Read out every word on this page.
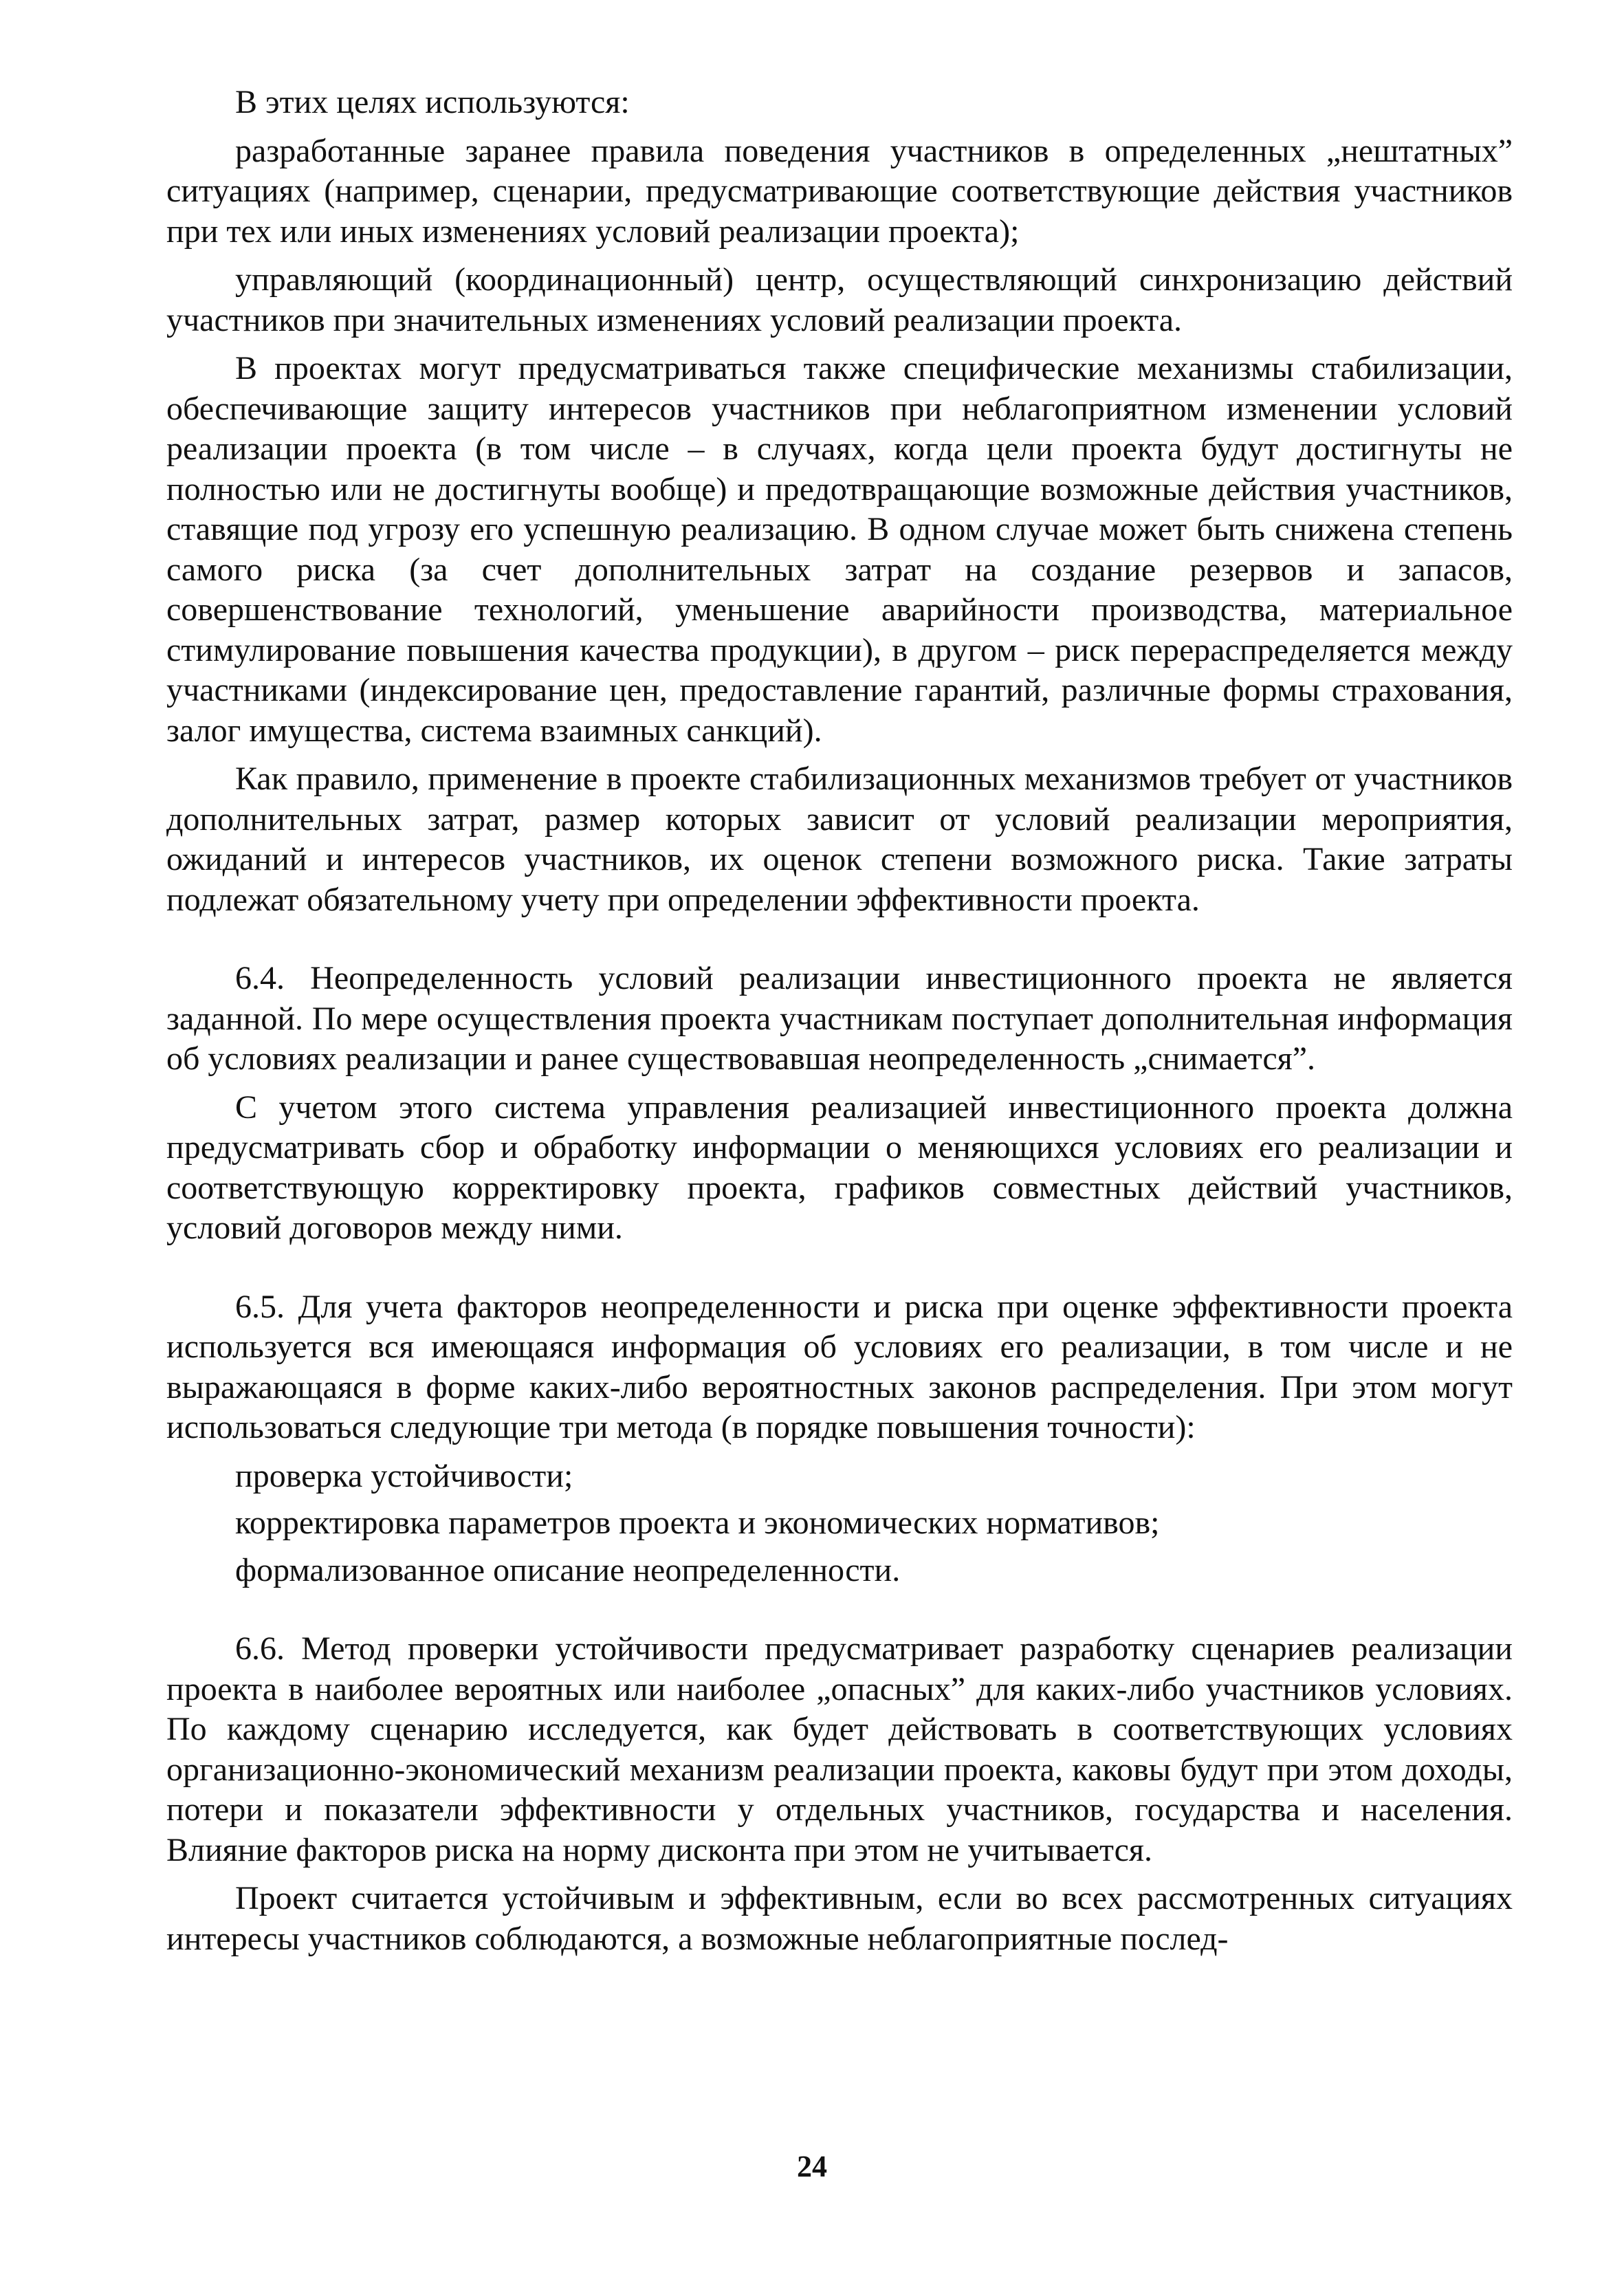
В этих целях используются:

разработанные заранее правила поведения участников в определенных „нештатных” ситуациях (например, сценарии, предусматривающие соответствующие действия участников при тех или иных изменениях условий реализации проекта);

управляющий (координационный) центр, осуществляющий синхронизацию действий участников при значительных изменениях условий реализации проекта.

В проектах могут предусматриваться также специфические механизмы стабилизации, обеспечивающие защиту интересов участников при неблагоприятном изменении условий реализации проекта (в том числе – в случаях, когда цели проекта будут достигнуты не полностью или не достигнуты вообще) и предотвращающие возможные действия участников, ставящие под угрозу его успешную реализацию. В одном случае может быть снижена степень самого риска (за счет дополнительных затрат на создание резервов и запасов, совершенствование технологий, уменьшение аварийности производства, материальное стимулирование повышения качества продукции), в другом – риск перераспределяется между участниками (индексирование цен, предоставление гарантий, различные формы страхования, залог имущества, система взаимных санкций).

Как правило, применение в проекте стабилизационных механизмов требует от участников дополнительных затрат, размер которых зависит от условий реализации мероприятия, ожиданий и интересов участников, их оценок степени возможного риска. Такие затраты подлежат обязательному учету при определении эффективности проекта.

6.4. Неопределенность условий реализации инвестиционного проекта не является заданной. По мере осуществления проекта участникам поступает дополнительная информация об условиях реализации и ранее существовавшая неопределенность „снимается”.

С учетом этого система управления реализацией инвестиционного проекта должна предусматривать сбор и обработку информации о меняющихся условиях его реализации и соответствующую корректировку проекта, графиков совместных действий участников, условий договоров между ними.

6.5. Для учета факторов неопределенности и риска при оценке эффективности проекта используется вся имеющаяся информация об условиях его реализации, в том числе и не выражающаяся в форме каких-либо вероятностных законов распределения. При этом могут использоваться следующие три метода (в порядке повышения точности):

проверка устойчивости;

корректировка параметров проекта и экономических нормативов;

формализованное описание неопределенности.

6.6. Метод проверки устойчивости предусматривает разработку сценариев реализации проекта в наиболее вероятных или наиболее „опасных” для каких-либо участников условиях. По каждому сценарию исследуется, как будет действовать в соответствующих условиях организационно-экономический механизм реализации проекта, каковы будут при этом доходы, потери и показатели эффективности у отдельных участников, государства и населения. Влияние факторов риска на норму дисконта при этом не учитывается.

Проект считается устойчивым и эффективным, если во всех рассмотренных ситуациях интересы участников соблюдаются, а возможные неблагоприятные послед-

24
